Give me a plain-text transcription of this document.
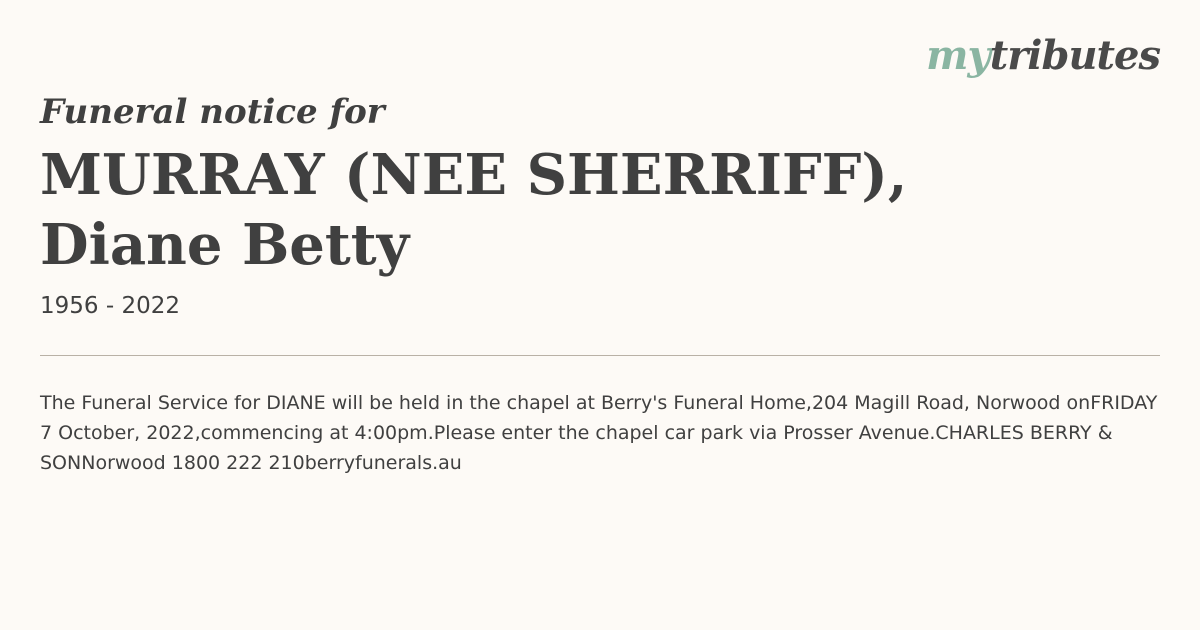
mytributes
Funeral notice for
MURRAY (NEE SHERRIFF),
Diane Betty
1956 - 2022

The Funeral Service for DIANE will be held in the chapel at Berry's Funeral Home,204 Magill Road, Norwood onFRIDAY 7 October, 2022,commencing at 4:00pm.Please enter the chapel car park via Prosser Avenue.CHARLES BERRY & SONNorwood 1800 222 210berryfunerals.au
